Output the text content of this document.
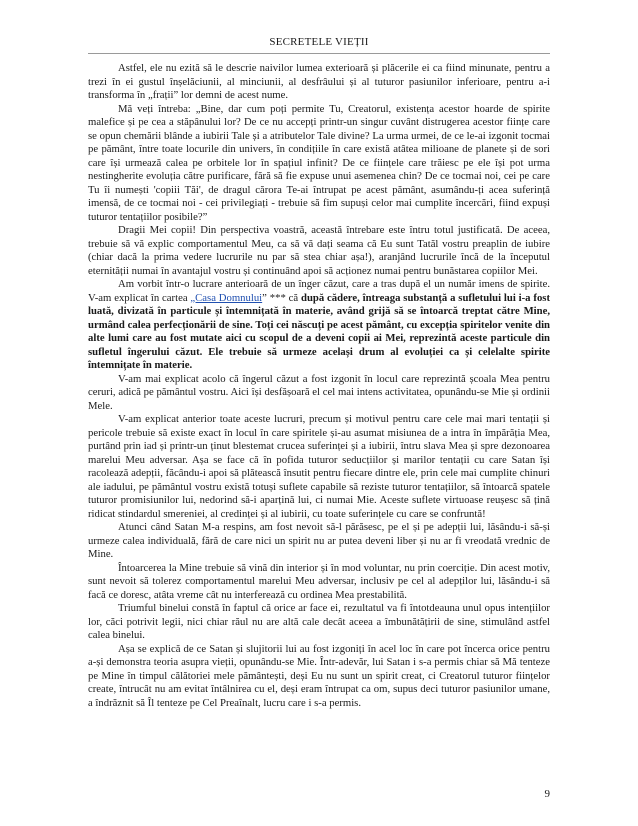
SECRETELE VIEȚII

Astfel, ele nu ezită să le descrie naivilor lumea exterioară și plăcerile ei ca fiind minunate, pentru a trezi în ei gustul înșelăciunii, al minciunii, al desfrâului și al tuturor pasiunilor inferioare, pentru a-i transforma în „frații” lor demni de acest nume.

Mă veți întreba: „Bine, dar cum poți permite Tu, Creatorul, existența acestor hoarde de spirite malefice și pe cea a stăpânului lor? De ce nu accepți printr-un singur cuvânt distrugerea acestor ființe care se opun chemării blânde a iubirii Tale și a atributelor Tale divine? La urma urmei, de ce le-ai izgonit tocmai pe pământ, între toate locurile din univers, în condițiile în care există atâtea milioane de planete și de sori care își urmează calea pe orbitele lor în spațiul infinit? De ce ființele care trăiesc pe ele își pot urma nestingherite evoluția către purificare, fără să fie expuse unui asemenea chin? De ce tocmai noi, cei pe care Tu îi numești 'copiii Tăi', de dragul cărora Te-ai întrupat pe acest pământ, asumându-ți acea suferință imensă, de ce tocmai noi - cei privilegiați - trebuie să fim supuși celor mai cumplite încercări, fiind expuși tuturor tentațiilor posibile?”

Dragii Mei copii! Din perspectiva voastră, această întrebare este întru totul justificată. De aceea, trebuie să vă explic comportamentul Meu, ca să vă dați seama că Eu sunt Tatăl vostru preaplin de iubire (chiar dacă la prima vedere lucrurile nu par să stea chiar așa!), aranjând lucrurile încă de la începutul eternității numai în avantajul vostru și continuând apoi să acționez numai pentru bunăstarea copiilor Mei.

Am vorbit într-o lucrare anterioară de un înger căzut, care a tras după el un număr imens de spirite. V-am explicat în cartea „Casa Domnului” *** că după cădere, întreaga substanță a sufletului lui i-a fost luată, divizată în particule și întemnițată în materie, având grijă să se întoarcă treptat către Mine, urmând calea perfecționării de sine. Toți cei născuți pe acest pământ, cu excepția spiritelor venite din alte lumi care au fost mutate aici cu scopul de a deveni copii ai Mei, reprezintă aceste particule din sufletul îngerului căzut. Ele trebuie să urmeze același drum al evoluției ca și celelalte spirite întemnițate în materie.

V-am mai explicat acolo că îngerul căzut a fost izgonit în locul care reprezintă școala Mea pentru ceruri, adică pe pământul vostru. Aici își desfășoară el cel mai intens activitatea, opunându-se Mie și ordinii Mele.

V-am explicat anterior toate aceste lucruri, precum și motivul pentru care cele mai mari tentații și pericole trebuie să existe exact în locul în care spiritele și-au asumat misiunea de a intra în împărăția Mea, purtând prin iad și printr-un ținut blestemat crucea suferinței și a iubirii, întru slava Mea și spre dezonoarea marelui Meu adversar. Așa se face că în pofida tuturor seducțiilor și marilor tentații cu care Satan își racolează adepții, făcându-i apoi să plătească însutit pentru fiecare dintre ele, prin cele mai cumplite chinuri ale iadului, pe pământul vostru există totuși suflete capabile să reziste tuturor tentațiilor, să întoarcă spatele tuturor promisiunilor lui, nedorind să-i aparțină lui, ci numai Mie. Aceste suflete virtuoase reușesc să țină ridicat stindardul smereniei, al credinței și al iubirii, cu toate suferințele cu care se confruntă!

Atunci când Satan M-a respins, am fost nevoit să-l părăsesc, pe el și pe adepții lui, lăsându-i să-și urmeze calea individuală, fără de care nici un spirit nu ar putea deveni liber și nu ar fi vreodată vrednic de Mine.

Întoarcerea la Mine trebuie să vină din interior și în mod voluntar, nu prin coerciție. Din acest motiv, sunt nevoit să tolerez comportamentul marelui Meu adversar, inclusiv pe cel al adepților lui, lăsându-i să facă ce doresc, atâta vreme cât nu interferează cu ordinea Mea prestabilită.

Triumful binelui constă în faptul că orice ar face ei, rezultatul va fi întotdeauna unul opus intențiilor lor, căci potrivit legii, nici chiar răul nu are altă cale decât aceea a îmbunătățirii de sine, stimulând astfel calea binelui.

Așa se explică de ce Satan și slujitorii lui au fost izgoniți în acel loc în care pot încerca orice pentru a-și demonstra teoria asupra vieții, opunându-se Mie. Într-adevăr, lui Satan i s-a permis chiar să Mă tenteze pe Mine în timpul călătoriei mele pământești, deși Eu nu sunt un spirit creat, ci Creatorul tuturor ființelor create, întrucât nu am evitat întâlnirea cu el, deși eram întrupat ca om, supus deci tuturor pasiunilor umane, a îndrăznit să Îl tenteze pe Cel Preaînalt, lucru care i s-a permis.

9
